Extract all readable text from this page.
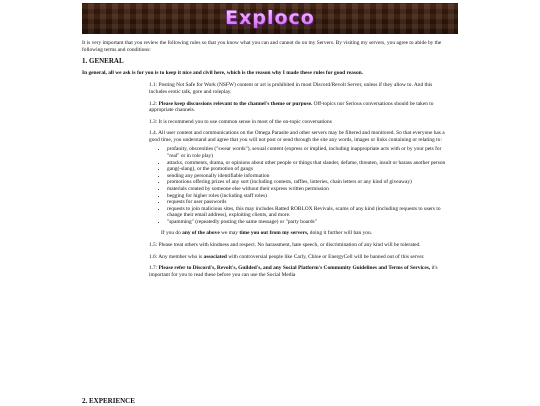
Exploco

It is very important that you review the following rules so that you know what you can and cannot do on my Servers. By visiting my servers, you agree to abide by the following terms and conditions:

1. GENERAL

In general, all we ask is for you is to keep it nice and civil here, which is the reason why I made these rules for good reason.

1.1: Posting Not Safe for Work (NSFW) content or art is prohibited in most Discord/Revolt Server, unless if they allow to. And this includes erotic talk, gore and roleplay.

1.2: Please keep discussions relevant to the channel's theme or purpose. Off-topics nor Serious conversations should be taken to appropriate channels.

1.3: It is recommend you to use common sense in most of the on-topic conversations

1.4. All user content and communications on the Omega Parasite and other servers may be filtered and monitored. So that everyone has a good time, you understand and agree that you will not post or send through the site any words, images or links containing or relating to:

• profanity, obscenities ("swear words"), sexual content (express or implied, including inappropriate acts with or by your pets for "real" or in role play)
• attacks, comments, drama, or opinions about other people or things that slander, defame, threaten, insult or harass another person
• gang(-slang), or the promotion of gangs
• sending any personally identifiable information
• promotions offering prizes of any sort (including contests, raffles, lotteries, chain letters or any kind of giveaway)
• materials created by someone else without their express written permission
• begging for higher roles (including staff roles)
• requests for user passwords
• requests to join malicious sites, this may includes Ratted ROBLOX Revivals, scams of any kind (including requests to users to change their email address), exploiting clients, and more.
• "spamming" (repeatedly posting the same message) or "party boards"

If you do any of the above we may time you out from my servers, doing it further will ban you.

1.5: Please treat others with kindness and respect. No harassment, hate speech, or discrimination of any kind will be tolerated.

1.6: Any member who is associated with controversial people like Carly, Chloe or EnergyCell will be banned out of this server.

1.7: Please refer to Discord's, Revolt's, Guilded's, and any Social Platform's Community Guidelines and Terms of Services, it's important for you to read these before you can use the Social Media

2. EXPERIENCE
